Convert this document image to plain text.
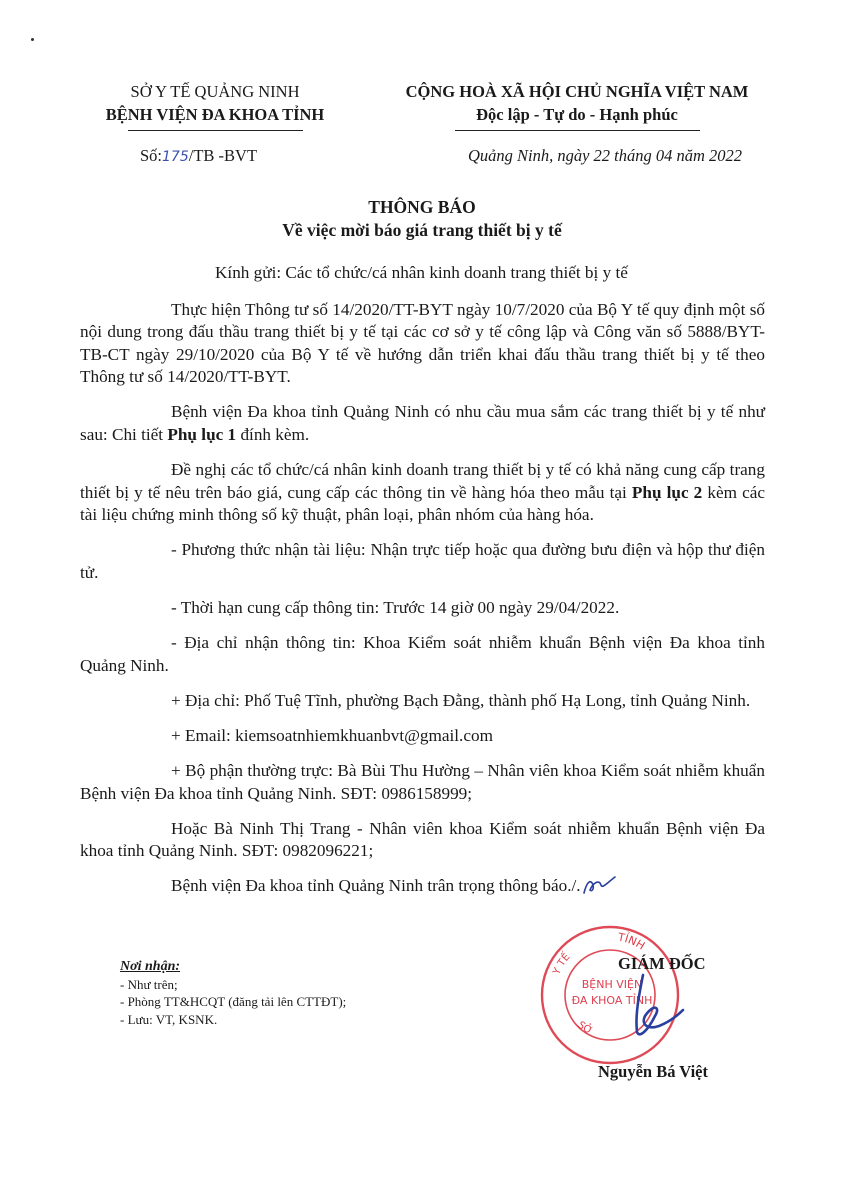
SỞ Y TẾ QUẢNG NINH
BỆNH VIỆN ĐA KHOA TỈNH
CỘNG HOÀ XÃ HỘI CHỦ NGHĨA VIỆT NAM
Độc lập - Tự do - Hạnh phúc
Số:175/TB -BVT	Quảng Ninh, ngày 22 tháng 04 năm 2022
THÔNG BÁO
Về việc mời báo giá trang thiết bị y tế

Kính gửi: Các tổ chức/cá nhân kinh doanh trang thiết bị y tế

Thực hiện Thông tư số 14/2020/TT-BYT ngày 10/7/2020 của Bộ Y tế quy định một số nội dung trong đấu thầu trang thiết bị y tế tại các cơ sở y tế công lập và Công văn số 5888/BYT-TB-CT ngày 29/10/2020 của Bộ Y tế về hướng dẫn triển khai đấu thầu trang thiết bị y tế theo Thông tư số 14/2020/TT-BYT.

Bệnh viện Đa khoa tỉnh Quảng Ninh có nhu cầu mua sắm các trang thiết bị y tế như sau: Chi tiết Phụ lục 1 đính kèm.

Đề nghị các tổ chức/cá nhân kinh doanh trang thiết bị y tế có khả năng cung cấp trang thiết bị y tế nêu trên báo giá, cung cấp các thông tin về hàng hóa theo mẫu tại Phụ lục 2 kèm các tài liệu chứng minh thông số kỹ thuật, phân loại, phân nhóm của hàng hóa.

- Phương thức nhận tài liệu: Nhận trực tiếp hoặc qua đường bưu điện và hộp thư điện tử.

- Thời hạn cung cấp thông tin: Trước 14 giờ 00 ngày 29/04/2022.

- Địa chỉ nhận thông tin: Khoa Kiểm soát nhiễm khuẩn Bệnh viện Đa khoa tỉnh Quảng Ninh.

+ Địa chỉ: Phố Tuệ Tĩnh, phường Bạch Đằng, thành phố Hạ Long, tỉnh Quảng Ninh.

+ Email: kiemsoatnhiemkhuanbvt@gmail.com

+ Bộ phận thường trực: Bà Bùi Thu Hường – Nhân viên khoa Kiểm soát nhiễm khuẩn Bệnh viện Đa khoa tỉnh Quảng Ninh. SĐT: 0986158999;

Hoặc Bà Ninh Thị Trang - Nhân viên khoa Kiểm soát nhiễm khuẩn Bệnh viện Đa khoa tỉnh Quảng Ninh. SĐT: 0982096221;

Bệnh viện Đa khoa tỉnh Quảng Ninh trân trọng thông báo./.

Nơi nhận:
- Như trên;
- Phòng TT&HCQT (đăng tải lên CTTĐT);
- Lưu: VT, KSNK.
TỈNH
Y TẾ
SỞ
BỆNH VIỆN
ĐA KHOA TỈNH
GIÁM ĐỐC
Nguyễn Bá Việt
